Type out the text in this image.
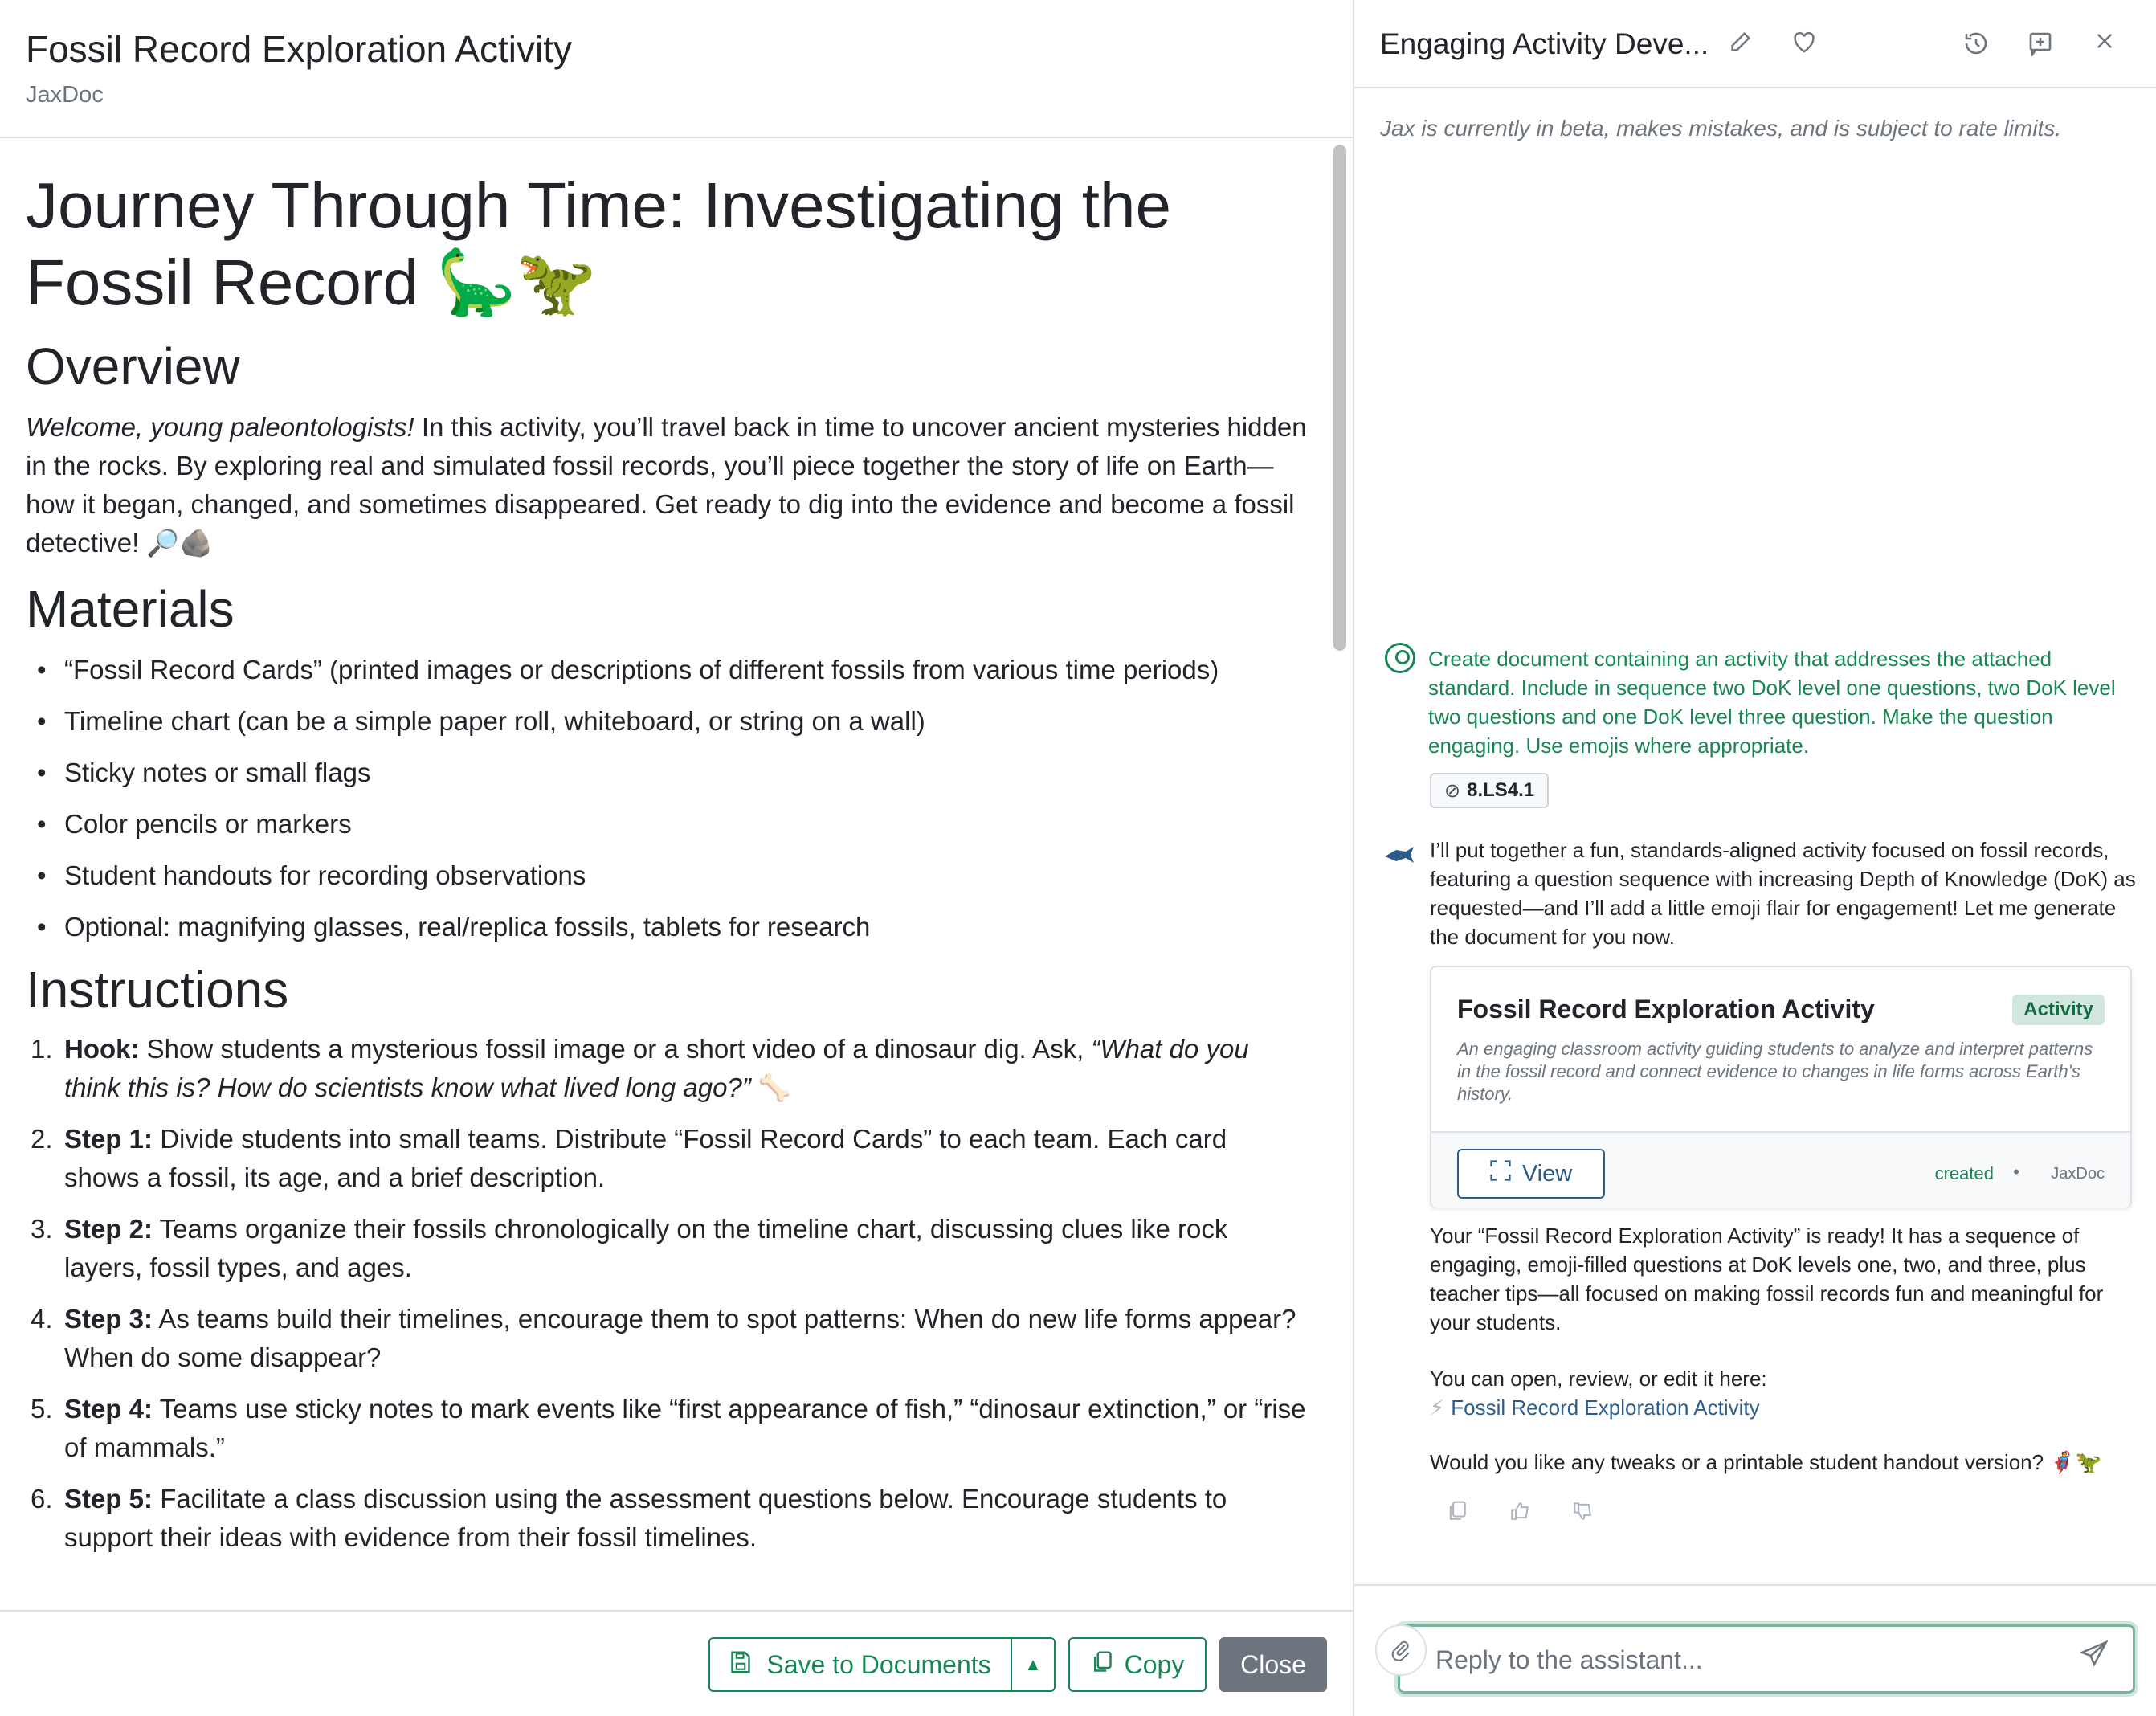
Fossil Record Exploration Activity
JaxDoc
Journey Through Time: Investigating the Fossil Record 🦕🦖
Overview
Welcome, young paleontologists! In this activity, you’ll travel back in time to uncover ancient mysteries hidden in the rocks. By exploring real and simulated fossil records, you’ll piece together the story of life on Earth—how it began, changed, and sometimes disappeared. Get ready to dig into the evidence and become a fossil detective! 🔎🪨
Materials
• “Fossil Record Cards” (printed images or descriptions of different fossils from various time periods)
• Timeline chart (can be a simple paper roll, whiteboard, or string on a wall)
• Sticky notes or small flags
• Color pencils or markers
• Student handouts for recording observations
• Optional: magnifying glasses, real/replica fossils, tablets for research
Instructions
1. Hook: Show students a mysterious fossil image or a short video of a dinosaur dig. Ask, “What do you think this is? How do scientists know what lived long ago?” 🦴
2. Step 1: Divide students into small teams. Distribute “Fossil Record Cards” to each team. Each card shows a fossil, its age, and a brief description.
3. Step 2: Teams organize their fossils chronologically on the timeline chart, discussing clues like rock layers, fossil types, and ages.
4. Step 3: As teams build their timelines, encourage them to spot patterns: When do new life forms appear? When do some disappear?
5. Step 4: Teams use sticky notes to mark events like “first appearance of fish,” “dinosaur extinction,” or “rise of mammals.”
6. Step 5: Facilitate a class discussion using the assessment questions below. Encourage students to support their ideas with evidence from their fossil timelines.
Save to Documents ▲	Copy	Close
Engaging Activity Deve...
Jax is currently in beta, makes mistakes, and is subject to rate limits.
Create document containing an activity that addresses the attached standard. Include in sequence two DoK level one questions, two DoK level two questions and one DoK level three question. Make the question engaging. Use emojis where appropriate.
⊘ 8.LS4.1
I’ll put together a fun, standards-aligned activity focused on fossil records, featuring a question sequence with increasing Depth of Knowledge (DoK) as requested—and I’ll add a little emoji flair for engagement! Let me generate the document for you now.
Fossil Record Exploration Activity	Activity
An engaging classroom activity guiding students to analyze and interpret patterns in the fossil record and connect evidence to changes in life forms across Earth's history.
View	created • JaxDoc
Your “Fossil Record Exploration Activity” is ready! It has a sequence of engaging, emoji-filled questions at DoK levels one, two, and three, plus teacher tips—all focused on making fossil records fun and meaningful for your students.
You can open, review, or edit it here:
⚡ Fossil Record Exploration Activity
Would you like any tweaks or a printable student handout version? 🦸🦖
Reply to the assistant...
